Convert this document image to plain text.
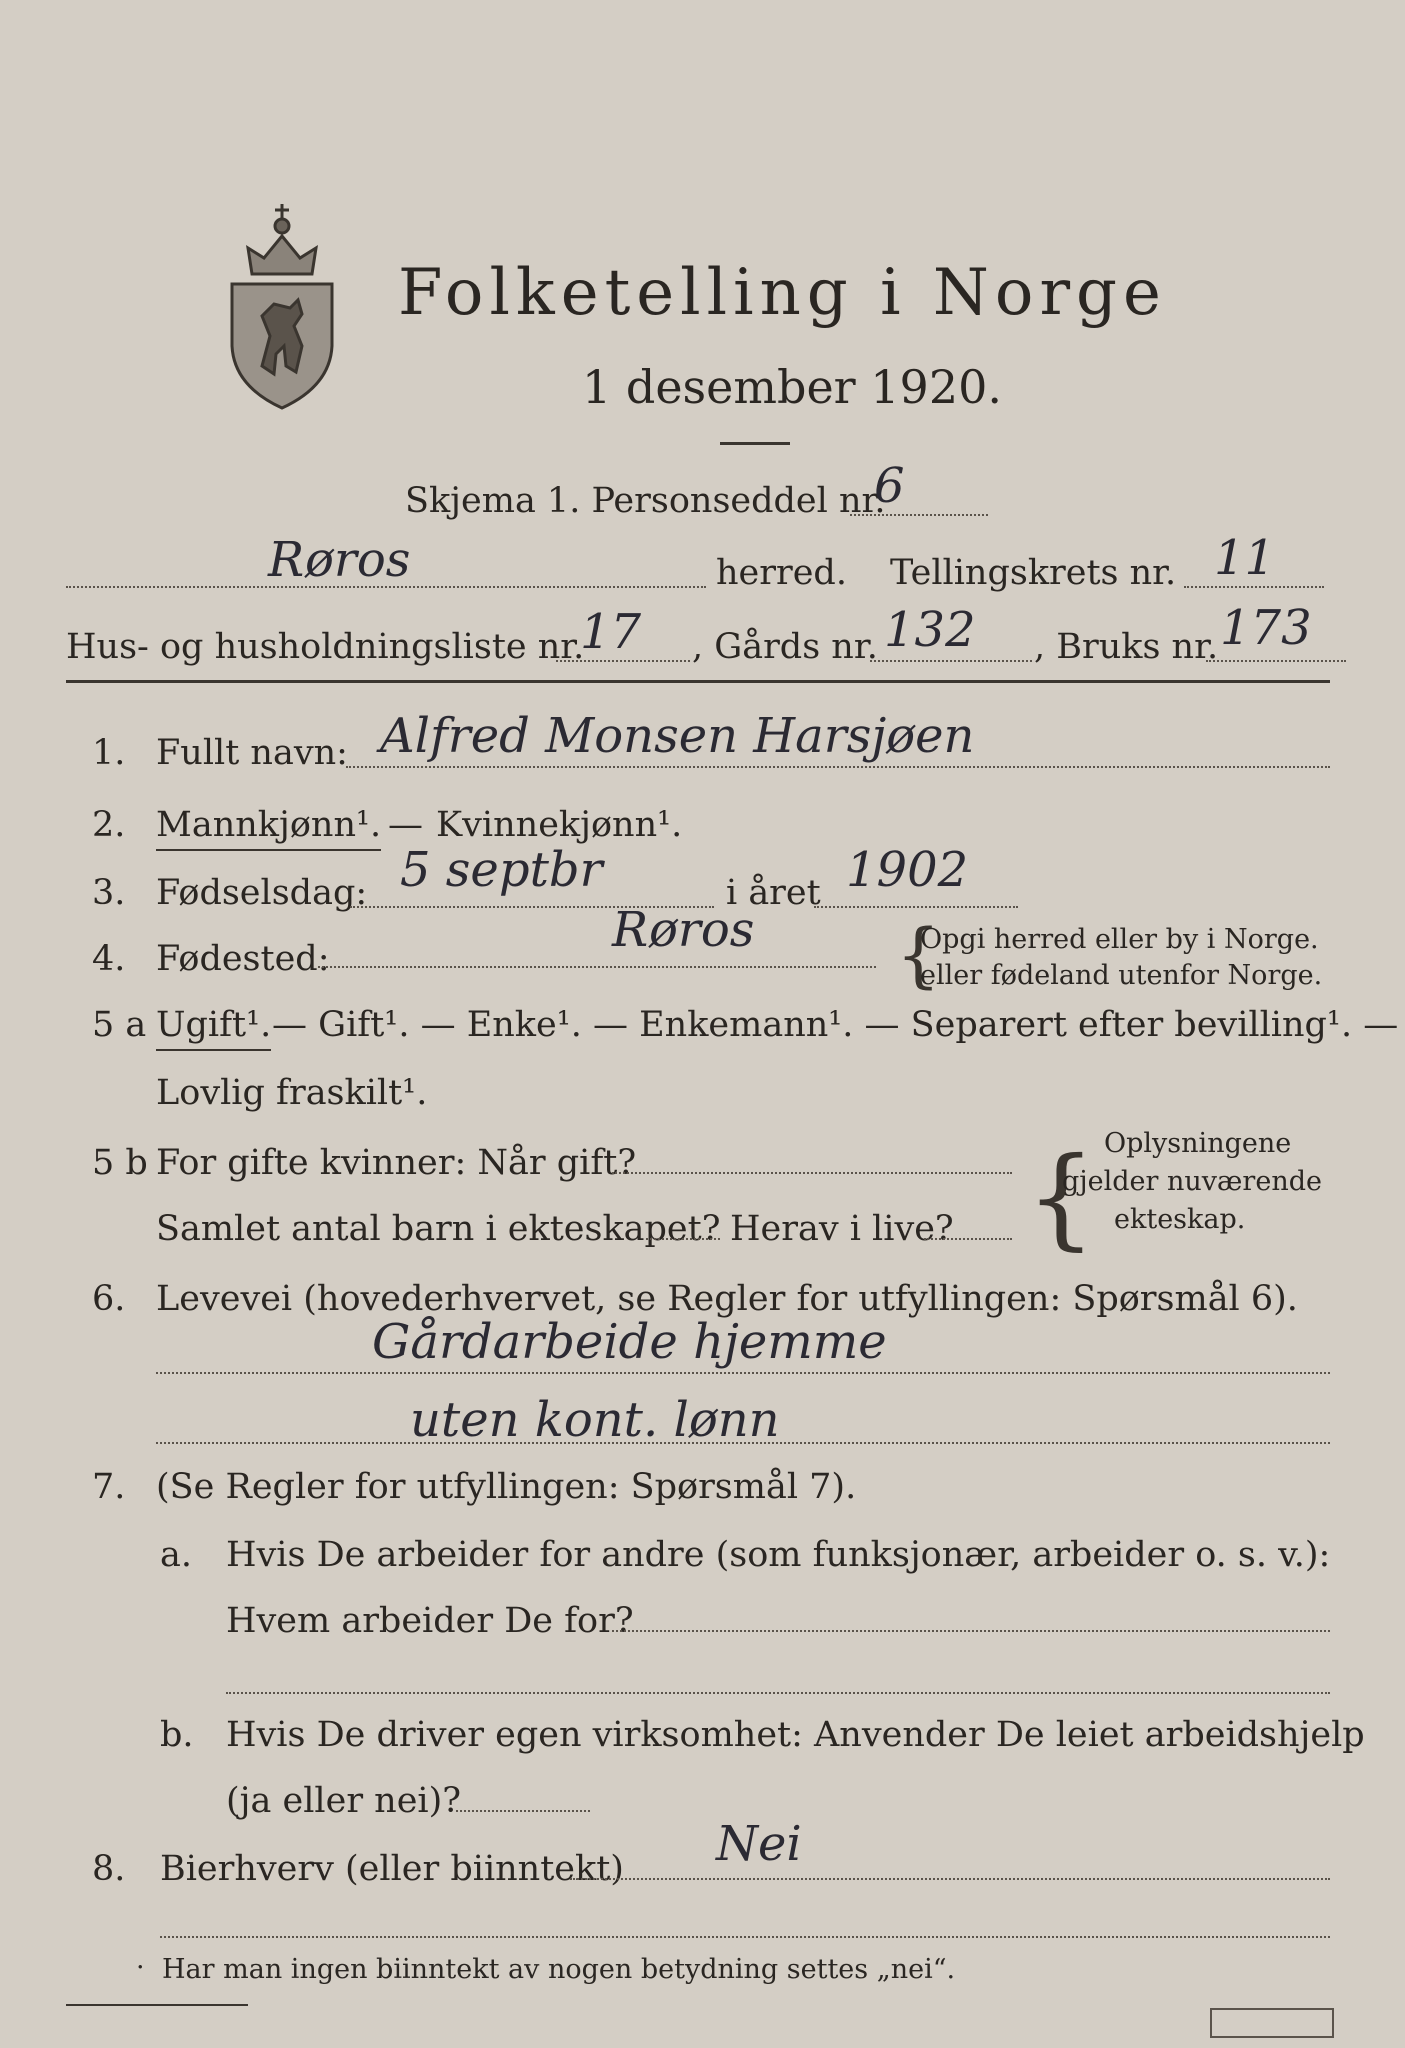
Folketelling i Norge
1 desember 1920.
Skjema 1. Personseddel nr.
6
Røros	herred. Tellingskrets nr. 11
Hus- og husholdningsliste nr.
17 , Gårds nr. 132 , Bruks nr. 173
1. Fullt navn: Alfred Monsen Harsjøen
2. Mannkjønn¹. — Kvinnekjønn¹.
3. Fødselsdag: 5 septbr	i året 1902
4. Fødested:
Røros {
Opgi herred eller by i Norge.
eller fødeland utenfor Norge.
5 a Ugift¹. — Gift¹. — Enke¹. — Enkemann¹. — Separert efter bevilling¹. —
Lovlig fraskilt¹.
5 b For gifte kvinner: Når gift?
Samlet antal barn i ekteskapet? Herav i live? { Oplysningene
gjelder nuværende
ekteskap.
6. Levevei (hovederhvervet, se Regler for utfyllingen: Spørsmål 6).
Gårdarbeide hjemme
uten kont. lønn
7. (Se Regler for utfyllingen: Spørsmål 7).
a. Hvis De arbeider for andre (som funksjonær, arbeider o. s. v.):
Hvem arbeider De for?
b. Hvis De driver egen virksomhet: Anvender De leiet arbeidshjelp
(ja eller nei)?
8. Bierhverv (eller biinntekt) Nei
· Har man ingen biinntekt av nogen betydning settes „nei“.
